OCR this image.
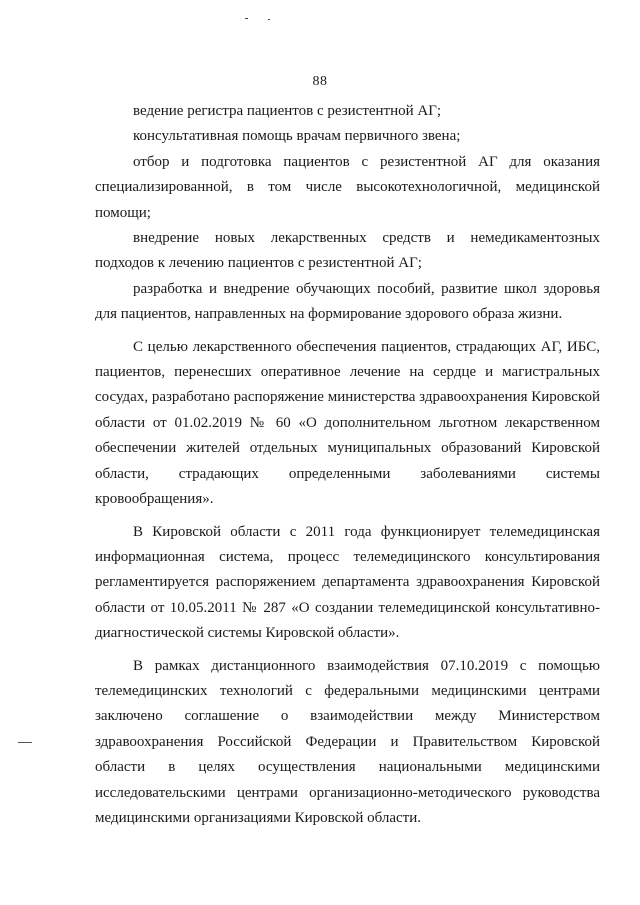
88

ведение регистра пациентов с резистентной АГ;

консультативная помощь врачам первичного звена;

отбор и подготовка пациентов с резистентной АГ для оказания специализированной, в том числе высокотехнологичной, медицинской помощи;

внедрение новых лекарственных средств и немедикаментозных подходов к лечению пациентов с резистентной АГ;

разработка и внедрение обучающих пособий, развитие школ здоровья для пациентов, направленных на формирование здорового образа жизни.

С целью лекарственного обеспечения пациентов, страдающих АГ, ИБС, пациентов, перенесших оперативное лечение на сердце и магистральных сосудах, разработано распоряжение министерства здравоохранения Кировской области от 01.02.2019 № 60 «О дополнительном льготном лекарственном обеспечении жителей отдельных муниципальных образований Кировской области, страдающих определенными заболеваниями системы кровообращения».

В Кировской области с 2011 года функционирует телемедицинская информационная система, процесс телемедицинского консультирования регламентируется распоряжением департамента здравоохранения Кировской области от 10.05.2011 № 287 «О создании телемедицинской консультативно-диагностической системы Кировской области».

В рамках дистанционного взаимодействия 07.10.2019 с помощью телемедицинских технологий с федеральными медицинскими центрами заключено соглашение о взаимодействии между Министерством здравоохранения Российской Федерации и Правительством Кировской области в целях осуществления национальными медицинскими исследовательскими центрами организационно-методического руководства медицинскими организациями Кировской области.
